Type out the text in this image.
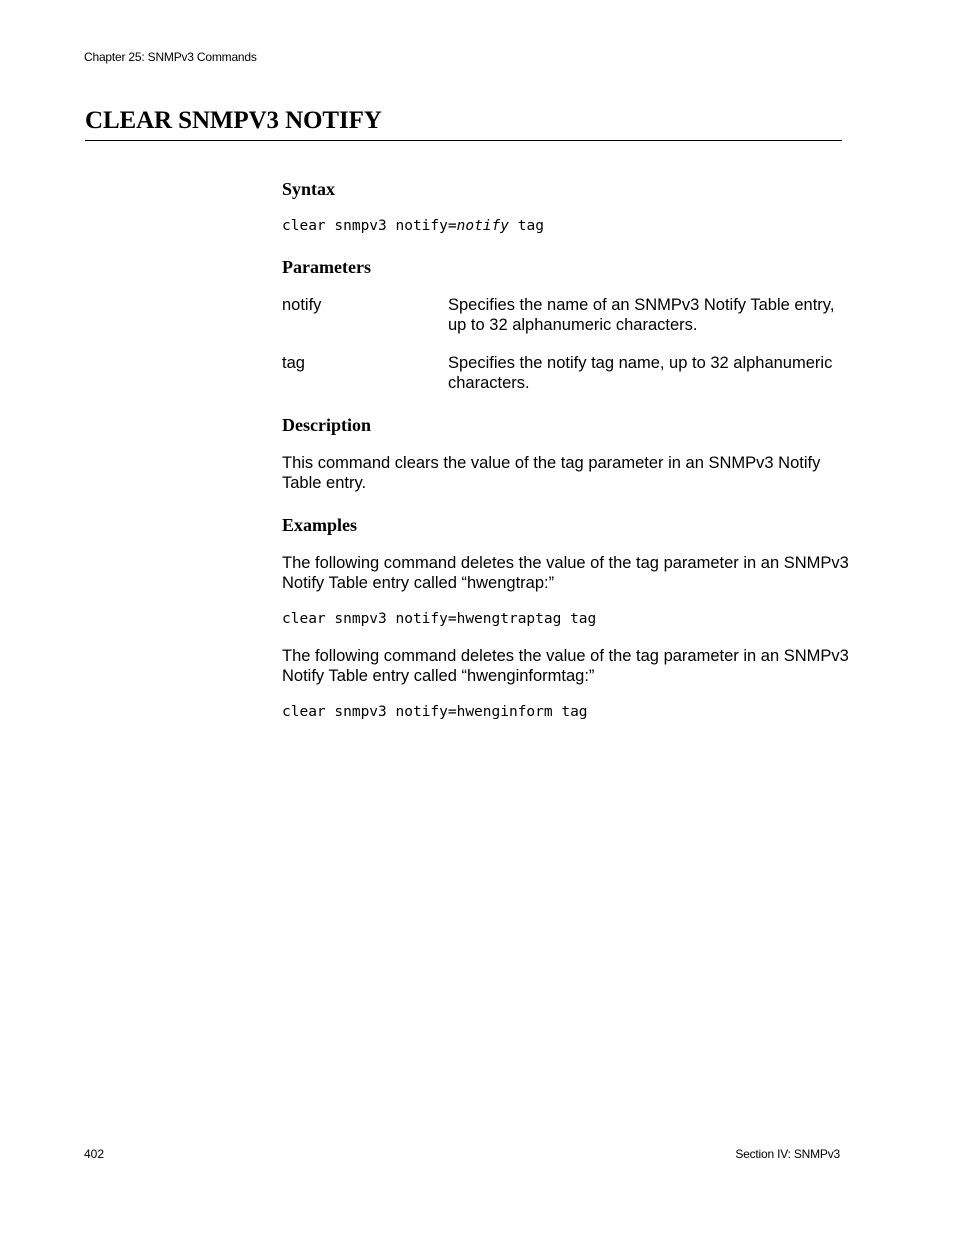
Chapter 25: SNMPv3 Commands
CLEAR SNMPV3 NOTIFY
Syntax

clear snmpv3 notify=notify tag

Parameters
notify	Specifies the name of an SNMPv3 Notify Table entry, up to 32 alphanumeric characters.
tag	Specifies the notify tag name, up to 32 alphanumeric characters.
Description

This command clears the value of the tag parameter in an SNMPv3 Notify Table entry.

Examples

The following command deletes the value of the tag parameter in an SNMPv3 Notify Table entry called “hwengtrap:”

clear snmpv3 notify=hwengtraptag tag

The following command deletes the value of the tag parameter in an SNMPv3 Notify Table entry called “hwenginformtag:”

clear snmpv3 notify=hwenginform tag

402	Section IV: SNMPv3
